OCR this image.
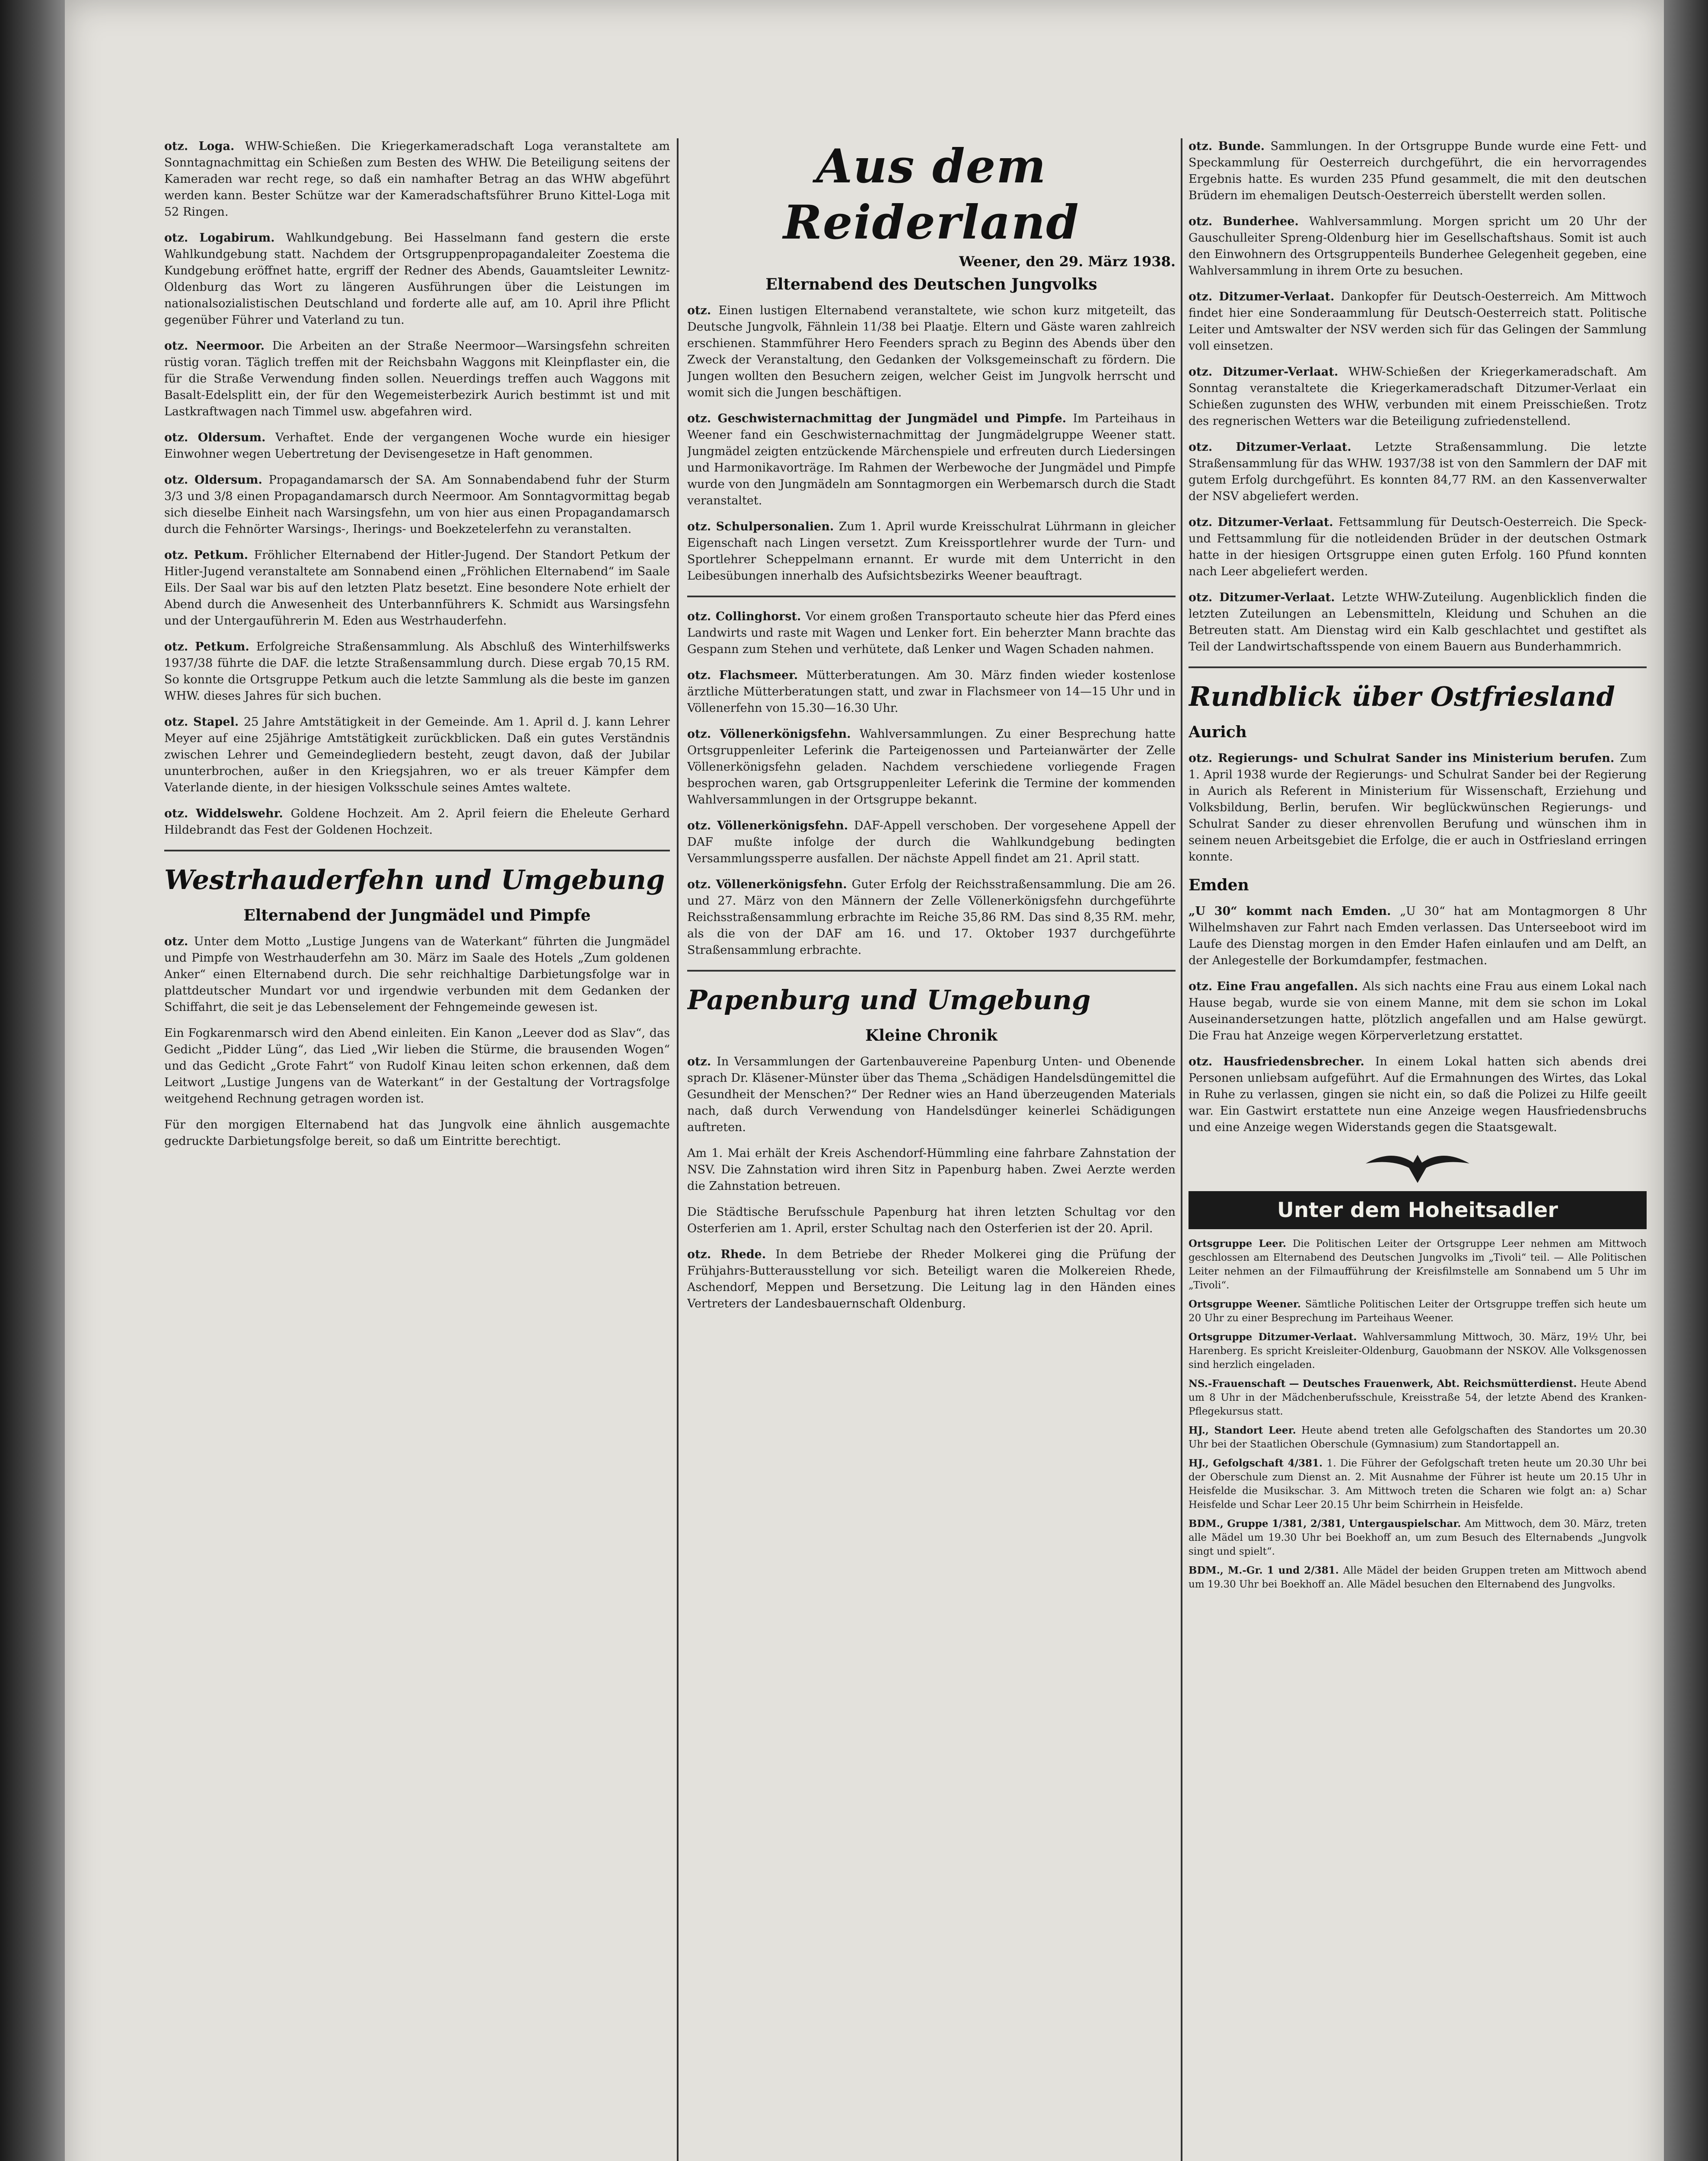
otz. Loga. WHW-Schießen. Die Kriegerkameradschaft Loga veranstaltete am Sonntagnachmittag ein Schießen zum Besten des WHW. Die Beteiligung seitens der Kameraden war recht rege, so daß ein namhafter Betrag an das WHW abgeführt werden kann. Bester Schütze war der Kameradschaftsführer Bruno Kittel-Loga mit 52 Ringen.

otz. Logabirum. Wahlkundgebung. Bei Hasselmann fand gestern die erste Wahlkundgebung statt. Nachdem der Ortsgruppenpropagandaleiter Zoestema die Kundgebung eröffnet hatte, ergriff der Redner des Abends, Gauamtsleiter Lewnitz-Oldenburg das Wort zu längeren Ausführungen über die Leistungen im nationalsozialistischen Deutschland und forderte alle auf, am 10. April ihre Pflicht gegenüber Führer und Vaterland zu tun.

otz. Neermoor. Die Arbeiten an der Straße Neermoor—Warsingsfehn schreiten rüstig voran. Täglich treffen mit der Reichsbahn Waggons mit Kleinpflaster ein, die für die Straße Verwendung finden sollen. Neuerdings treffen auch Waggons mit Basalt-Edelsplitt ein, der für den Wegemeisterbezirk Aurich bestimmt ist und mit Lastkraftwagen nach Timmel usw. abgefahren wird.

otz. Oldersum. Verhaftet. Ende der vergangenen Woche wurde ein hiesiger Einwohner wegen Uebertretung der Devisengesetze in Haft genommen.

otz. Oldersum. Propagandamarsch der SA. Am Sonnabendabend fuhr der Sturm 3/3 und 3/8 einen Propagandamarsch durch Neermoor. Am Sonntagvormittag begab sich dieselbe Einheit nach Warsingsfehn, um von hier aus einen Propagandamarsch durch die Fehnörter Warsings-, Iherings- und Boekzetelerfehn zu veranstalten.

otz. Petkum. Fröhlicher Elternabend der Hitler-Jugend. Der Standort Petkum der Hitler-Jugend veranstaltete am Sonnabend einen „Fröhlichen Elternabend“ im Saale Eils. Der Saal war bis auf den letzten Platz besetzt. Eine besondere Note erhielt der Abend durch die Anwesenheit des Unterbannführers K. Schmidt aus Warsingsfehn und der Untergauführerin M. Eden aus Westrhauderfehn.

otz. Petkum. Erfolgreiche Straßensammlung. Als Abschluß des Winterhilfswerks 1937/38 führte die DAF. die letzte Straßensammlung durch. Diese ergab 70,15 RM. So konnte die Ortsgruppe Petkum auch die letzte Sammlung als die beste im ganzen WHW. dieses Jahres für sich buchen.

otz. Stapel. 25 Jahre Amtstätigkeit in der Gemeinde. Am 1. April d. J. kann Lehrer Meyer auf eine 25jährige Amtstätigkeit zurückblicken. Daß ein gutes Verständnis zwischen Lehrer und Gemeindegliedern besteht, zeugt davon, daß der Jubilar ununterbrochen, außer in den Kriegsjahren, wo er als treuer Kämpfer dem Vaterlande diente, in der hiesigen Volksschule seines Amtes waltete.

otz. Widdelswehr. Goldene Hochzeit. Am 2. April feiern die Eheleute Gerhard Hildebrandt das Fest der Goldenen Hochzeit.

Westrhauderfehn und Umgebung
Elternabend der Jungmädel und Pimpfe

otz. Unter dem Motto „Lustige Jungens van de Waterkant“ führten die Jungmädel und Pimpfe von Westrhauderfehn am 30. März im Saale des Hotels „Zum goldenen Anker“ einen Elternabend durch. Die sehr reichhaltige Darbietungsfolge war in plattdeutscher Mundart vor und irgendwie verbunden mit dem Gedanken der Schiffahrt, die seit je das Lebenselement der Fehngemeinde gewesen ist.

Ein Fogkarenmarsch wird den Abend einleiten. Ein Kanon „Leever dod as Slav“, das Gedicht „Pidder Lüng“, das Lied „Wir lieben die Stürme, die brausenden Wogen“ und das Gedicht „Grote Fahrt“ von Rudolf Kinau leiten schon erkennen, daß dem Leitwort „Lustige Jungens van de Waterkant“ in der Gestaltung der Vortragsfolge weitgehend Rechnung getragen worden ist.

Für den morgigen Elternabend hat das Jungvolk eine ähnlich ausgemachte gedruckte Darbietungsfolge bereit, so daß um Eintritte berechtigt.

Aus dem Reiderland
Weener, den 29. März 1938.
Elternabend des Deutschen Jungvolks

otz. Einen lustigen Elternabend veranstaltete, wie schon kurz mitgeteilt, das Deutsche Jungvolk, Fähnlein 11/38 bei Plaatje. Eltern und Gäste waren zahlreich erschienen. Stammführer Hero Feenders sprach zu Beginn des Abends über den Zweck der Veranstaltung, den Gedanken der Volksgemeinschaft zu fördern. Die Jungen wollten den Besuchern zeigen, welcher Geist im Jungvolk herrscht und womit sich die Jungen beschäftigen.

otz. Geschwisternachmittag der Jungmädel und Pimpfe. Im Parteihaus in Weener fand ein Geschwisternachmittag der Jungmädelgruppe Weener statt. Jungmädel zeigten entzückende Märchenspiele und erfreuten durch Liedersingen und Harmonikavorträge. Im Rahmen der Werbewoche der Jungmädel und Pimpfe wurde von den Jungmädeln am Sonntagmorgen ein Werbemarsch durch die Stadt veranstaltet.

otz. Schulpersonalien. Zum 1. April wurde Kreisschulrat Lührmann in gleicher Eigenschaft nach Lingen versetzt. Zum Kreissportlehrer wurde der Turn- und Sportlehrer Scheppelmann ernannt. Er wurde mit dem Unterricht in den Leibesübungen innerhalb des Aufsichtsbezirks Weener beauftragt.

otz. Collinghorst. Vor einem großen Transportauto scheute hier das Pferd eines Landwirts und raste mit Wagen und Lenker fort. Ein beherzter Mann brachte das Gespann zum Stehen und verhütete, daß Lenker und Wagen Schaden nahmen.

otz. Flachsmeer. Mütterberatungen. Am 30. März finden wieder kostenlose ärztliche Mütterberatungen statt, und zwar in Flachsmeer von 14—15 Uhr und in Völlenerfehn von 15.30—16.30 Uhr.

otz. Völlenerkönigsfehn. Wahlversammlungen. Zu einer Besprechung hatte Ortsgruppenleiter Leferink die Parteigenossen und Parteianwärter der Zelle Völlenerkönigsfehn geladen. Nachdem verschiedene vorliegende Fragen besprochen waren, gab Ortsgruppenleiter Leferink die Termine der kommenden Wahlversammlungen in der Ortsgruppe bekannt.

otz. Völlenerkönigsfehn. DAF-Appell verschoben. Der vorgesehene Appell der DAF mußte infolge der durch die Wahlkundgebung bedingten Versammlungssperre ausfallen. Der nächste Appell findet am 21. April statt.

otz. Völlenerkönigsfehn. Guter Erfolg der Reichsstraßensammlung. Die am 26. und 27. März von den Männern der Zelle Völlenerkönigsfehn durchgeführte Reichsstraßensammlung erbrachte im Reiche 35,86 RM. Das sind 8,35 RM. mehr, als die von der DAF am 16. und 17. Oktober 1937 durchgeführte Straßensammlung erbrachte.

Papenburg und Umgebung
Kleine Chronik

otz. In Versammlungen der Gartenbauvereine Papenburg Unten- und Obenende sprach Dr. Kläsener-Münster über das Thema „Schädigen Handelsdüngemittel die Gesundheit der Menschen?“ Der Redner wies an Hand überzeugenden Materials nach, daß durch Verwendung von Handelsdünger keinerlei Schädigungen auftreten.

Am 1. Mai erhält der Kreis Aschendorf-Hümmling eine fahrbare Zahnstation der NSV. Die Zahnstation wird ihren Sitz in Papenburg haben. Zwei Aerzte werden die Zahnstation betreuen.

Die Städtische Berufsschule Papenburg hat ihren letzten Schultag vor den Osterferien am 1. April, erster Schultag nach den Osterferien ist der 20. April.

otz. Rhede. In dem Betriebe der Rheder Molkerei ging die Prüfung der Frühjahrs-Butterausstellung vor sich. Beteiligt waren die Molkereien Rhede, Aschendorf, Meppen und Bersetzung. Die Leitung lag in den Händen eines Vertreters der Landesbauernschaft Oldenburg.

otz. Bunde. Sammlungen. In der Ortsgruppe Bunde wurde eine Fett- und Speckammlung für Oesterreich durchgeführt, die ein hervorragendes Ergebnis hatte. Es wurden 235 Pfund gesammelt, die mit den deutschen Brüdern im ehemaligen Deutsch-Oesterreich überstellt werden sollen.

otz. Bunderhee. Wahlversammlung. Morgen spricht um 20 Uhr der Gauschulleiter Spreng-Oldenburg hier im Gesellschaftshaus. Somit ist auch den Einwohnern des Ortsgruppenteils Bunderhee Gelegenheit gegeben, eine Wahlversammlung in ihrem Orte zu besuchen.

otz. Ditzumer-Verlaat. Dankopfer für Deutsch-Oesterreich. Am Mittwoch findet hier eine Sonderaammlung für Deutsch-Oesterreich statt. Politische Leiter und Amtswalter der NSV werden sich für das Gelingen der Sammlung voll einsetzen.

otz. Ditzumer-Verlaat. WHW-Schießen der Kriegerkameradschaft. Am Sonntag veranstaltete die Kriegerkameradschaft Ditzumer-Verlaat ein Schießen zugunsten des WHW, verbunden mit einem Preisschießen. Trotz des regnerischen Wetters war die Beteiligung zufriedenstellend.

otz. Ditzumer-Verlaat. Letzte Straßensammlung. Die letzte Straßensammlung für das WHW. 1937/38 ist von den Sammlern der DAF mit gutem Erfolg durchgeführt. Es konnten 84,77 RM. an den Kassenverwalter der NSV abgeliefert werden.

otz. Ditzumer-Verlaat. Fettsammlung für Deutsch-Oesterreich. Die Speck- und Fettsammlung für die notleidenden Brüder in der deutschen Ostmark hatte in der hiesigen Ortsgruppe einen guten Erfolg. 160 Pfund konnten nach Leer abgeliefert werden.

otz. Ditzumer-Verlaat. Letzte WHW-Zuteilung. Augenblicklich finden die letzten Zuteilungen an Lebensmitteln, Kleidung und Schuhen an die Betreuten statt. Am Dienstag wird ein Kalb geschlachtet und gestiftet als Teil der Landwirtschaftsspende von einem Bauern aus Bunderhammrich.

Rundblick über Ostfriesland
Aurich

otz. Regierungs- und Schulrat Sander ins Ministerium berufen. Zum 1. April 1938 wurde der Regierungs- und Schulrat Sander bei der Regierung in Aurich als Referent in Ministerium für Wissenschaft, Erziehung und Volksbildung, Berlin, berufen. Wir beglückwünschen Regierungs- und Schulrat Sander zu dieser ehrenvollen Berufung und wünschen ihm in seinem neuen Arbeitsgebiet die Erfolge, die er auch in Ostfriesland erringen konnte.

Emden

„U 30“ kommt nach Emden. „U 30“ hat am Montagmorgen 8 Uhr Wilhelmshaven zur Fahrt nach Emden verlassen. Das Unterseeboot wird im Laufe des Dienstag morgen in den Emder Hafen einlaufen und am Delft, an der Anlegestelle der Borkumdampfer, festmachen.

otz. Eine Frau angefallen. Als sich nachts eine Frau aus einem Lokal nach Hause begab, wurde sie von einem Manne, mit dem sie schon im Lokal Auseinandersetzungen hatte, plötzlich angefallen und am Halse gewürgt. Die Frau hat Anzeige wegen Körperverletzung erstattet.

otz. Hausfriedensbrecher. In einem Lokal hatten sich abends drei Personen unliebsam aufgeführt. Auf die Ermahnungen des Wirtes, das Lokal in Ruhe zu verlassen, gingen sie nicht ein, so daß die Polizei zu Hilfe geeilt war. Ein Gastwirt erstattete nun eine Anzeige wegen Hausfriedensbruchs und eine Anzeige wegen Widerstands gegen die Staatsgewalt.

Unter dem Hoheitsadler

Ortsgruppe Leer. Die Politischen Leiter der Ortsgruppe Leer nehmen am Mittwoch geschlossen am Elternabend des Deutschen Jungvolks im „Tivoli“ teil. — Alle Politischen Leiter nehmen an der Filmaufführung der Kreisfilmstelle am Sonnabend um 5 Uhr im „Tivoli“.

Ortsgruppe Weener. Sämtliche Politischen Leiter der Ortsgruppe treffen sich heute um 20 Uhr zu einer Besprechung im Parteihaus Weener.

Ortsgruppe Ditzumer-Verlaat. Wahlversammlung Mittwoch, 30. März, 19½ Uhr, bei Harenberg. Es spricht Kreisleiter-Oldenburg, Gauobmann der NSKOV. Alle Volksgenossen sind herzlich eingeladen.

NS.-Frauenschaft — Deutsches Frauenwerk, Abt. Reichsmütterdienst. Heute Abend um 8 Uhr in der Mädchenberufsschule, Kreisstraße 54, der letzte Abend des Kranken-Pflegekursus statt.

HJ., Standort Leer. Heute abend treten alle Gefolgschaften des Standortes um 20.30 Uhr bei der Staatlichen Oberschule (Gymnasium) zum Standortappell an.

HJ., Gefolgschaft 4/381. 1. Die Führer der Gefolgschaft treten heute um 20.30 Uhr bei der Oberschule zum Dienst an. 2. Mit Ausnahme der Führer ist heute um 20.15 Uhr in Heisfelde die Musikschar. 3. Am Mittwoch treten die Scharen wie folgt an: a) Schar Heisfelde und Schar Leer 20.15 Uhr beim Schirrhein in Heisfelde.

BDM., Gruppe 1/381, 2/381, Untergauspielschar. Am Mittwoch, dem 30. März, treten alle Mädel um 19.30 Uhr bei Boekhoff an, um zum Besuch des Elternabends „Jungvolk singt und spielt“.

BDM., M.-Gr. 1 und 2/381. Alle Mädel der beiden Gruppen treten am Mittwoch abend um 19.30 Uhr bei Boekhoff an. Alle Mädel besuchen den Elternabend des Jungvolks.
